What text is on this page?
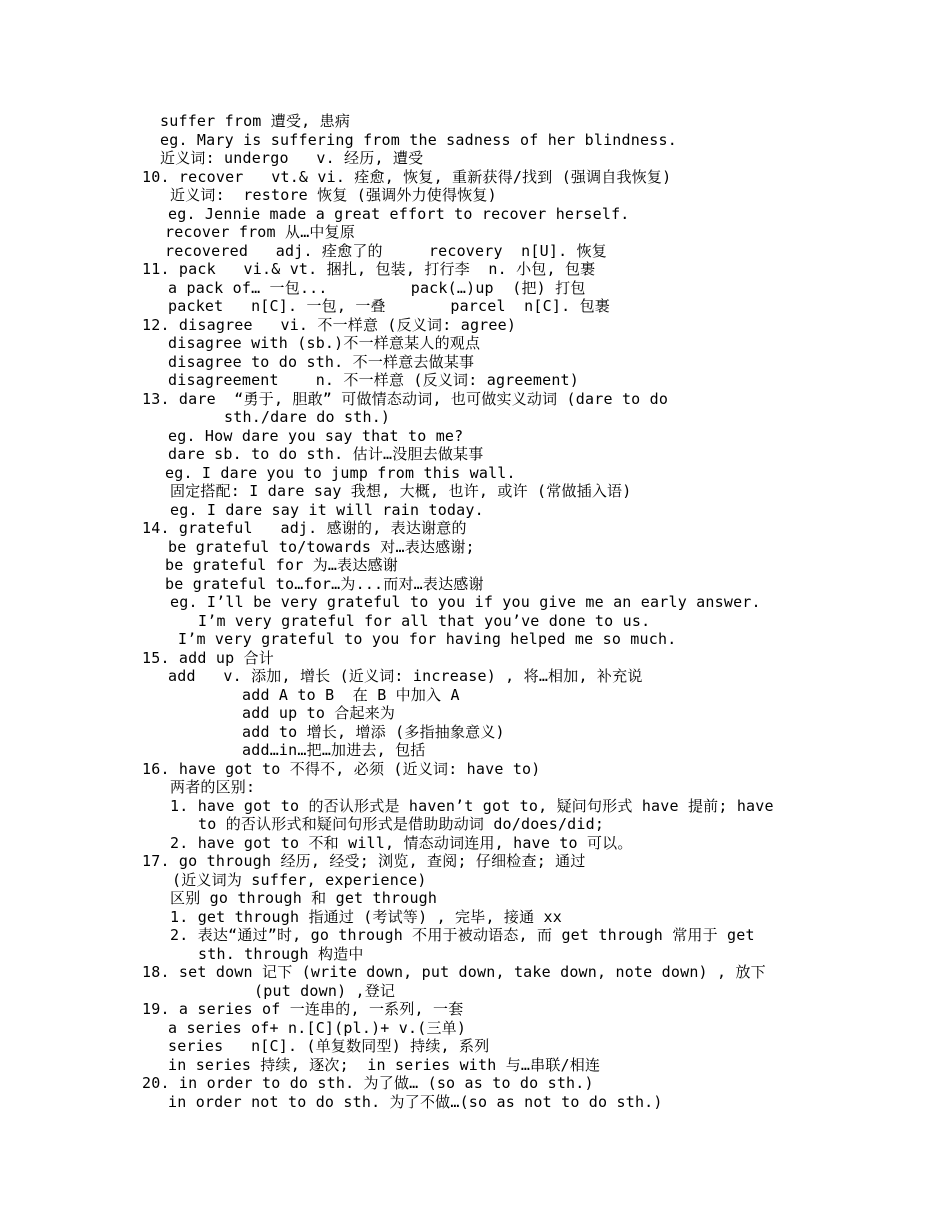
suffer from 遭受, 患病

eg. Mary is suffering from the sadness of her blindness.

近义词: undergo   v. 经历, 遭受

10. recover   vt.& vi. 痊愈, 恢复, 重新获得/找到 (强调自我恢复)

近义词:  restore 恢复 (强调外力使得恢复)

eg. Jennie made a great effort to recover herself.

recover from 从…中复原

recovered   adj. 痊愈了的     recovery  n[U]. 恢复

11. pack   vi.& vt. 捆扎, 包装, 打行李  n. 小包, 包裹

a pack of… 一包...         pack(…)up  (把) 打包

packet   n[C]. 一包, 一叠       parcel  n[C]. 包裹

12. disagree   vi. 不一样意 (反义词: agree)

disagree with (sb.)不一样意某人的观点

disagree to do sth. 不一样意去做某事

disagreement    n. 不一样意 (反义词: agreement)

13. dare  “勇于, 胆敢” 可做情态动词, 也可做实义动词 (dare to do

sth./dare do sth.)

eg. How dare you say that to me?

dare sb. to do sth. 估计…没胆去做某事

eg. I dare you to jump from this wall.

固定搭配: I dare say 我想, 大概, 也许, 或许 (常做插入语)

eg. I dare say it will rain today.

14. grateful   adj. 感谢的, 表达谢意的

be grateful to/towards 对…表达感谢;

be grateful for 为…表达感谢

be grateful to…for…为...而对…表达感谢

eg. I’ll be very grateful to you if you give me an early answer.

I’m very grateful for all that you’ve done to us.

I’m very grateful to you for having helped me so much.

15. add up 合计

add   v. 添加, 增长 (近义词: increase) , 将…相加, 补充说

add A to B  在 B 中加入 A

add up to 合起来为

add to 增长, 增添 (多指抽象意义)

add…in…把…加进去, 包括

16. have got to 不得不, 必须 (近义词: have to)

两者的区别:

1. have got to 的否认形式是 haven’t got to, 疑问句形式 have 提前; have

to 的否认形式和疑问句形式是借助助动词 do/does/did;

2. have got to 不和 will, 情态动词连用, have to 可以。

17. go through 经历, 经受; 浏览, 查阅; 仔细检查; 通过

(近义词为 suffer, experience)

区别 go through 和 get through

1. get through 指通过 (考试等) , 完毕, 接通 xx

2. 表达“通过”时, go through 不用于被动语态, 而 get through 常用于 get

sth. through 构造中

18. set down 记下 (write down, put down, take down, note down) , 放下

(put down) ,登记

19. a series of 一连串的, 一系列, 一套

a series of+ n.[C](pl.)+ v.(三单)

series   n[C]. (单复数同型) 持续, 系列

in series 持续, 逐次;  in series with 与…串联/相连

20. in order to do sth. 为了做… (so as to do sth.)

in order not to do sth. 为了不做…(so as not to do sth.)
